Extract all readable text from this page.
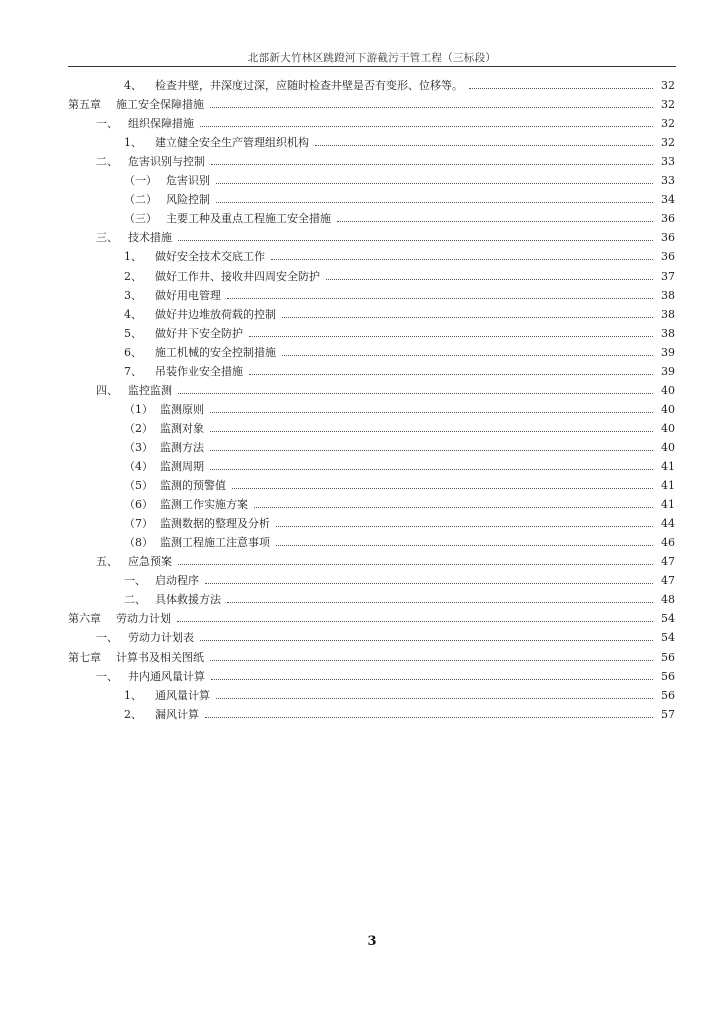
北部新大竹林区跳蹬河下游截污干管工程（三标段）
4、 检查井壁，井深度过深，应随时检查井壁是否有变形、位移等。	32
第五章 施工安全保障措施	32
一、 组织保障措施	32
1、 建立健全安全生产管理组织机构	32
二、 危害识别与控制	33
（一） 危害识别	33
（二） 风险控制	34
（三） 主要工种及重点工程施工安全措施	36
三、 技术措施	36
1、 做好安全技术交底工作	36
2、 做好工作井、接收井四周安全防护	37
3、 做好用电管理	38
4、 做好井边堆放荷载的控制	38
5、 做好井下安全防护	38
6、 施工机械的安全控制措施	39
7、 吊装作业安全措施	39
四、 监控监测	40
（1） 监测原则	40
（2） 监测对象	40
（3） 监测方法	40
（4） 监测周期	41
（5） 监测的预警值	41
（6） 监测工作实施方案	41
（7） 监测数据的整理及分析	44
（8） 监测工程施工注意事项	46
五、 应急预案	47
一、 启动程序	47
二、 具体救援方法	48
第六章 劳动力计划	54
一、 劳动力计划表	54
第七章 计算书及相关图纸	56
一、 井内通风量计算	56
1、 通风量计算	56
2、 漏风计算	57
3
